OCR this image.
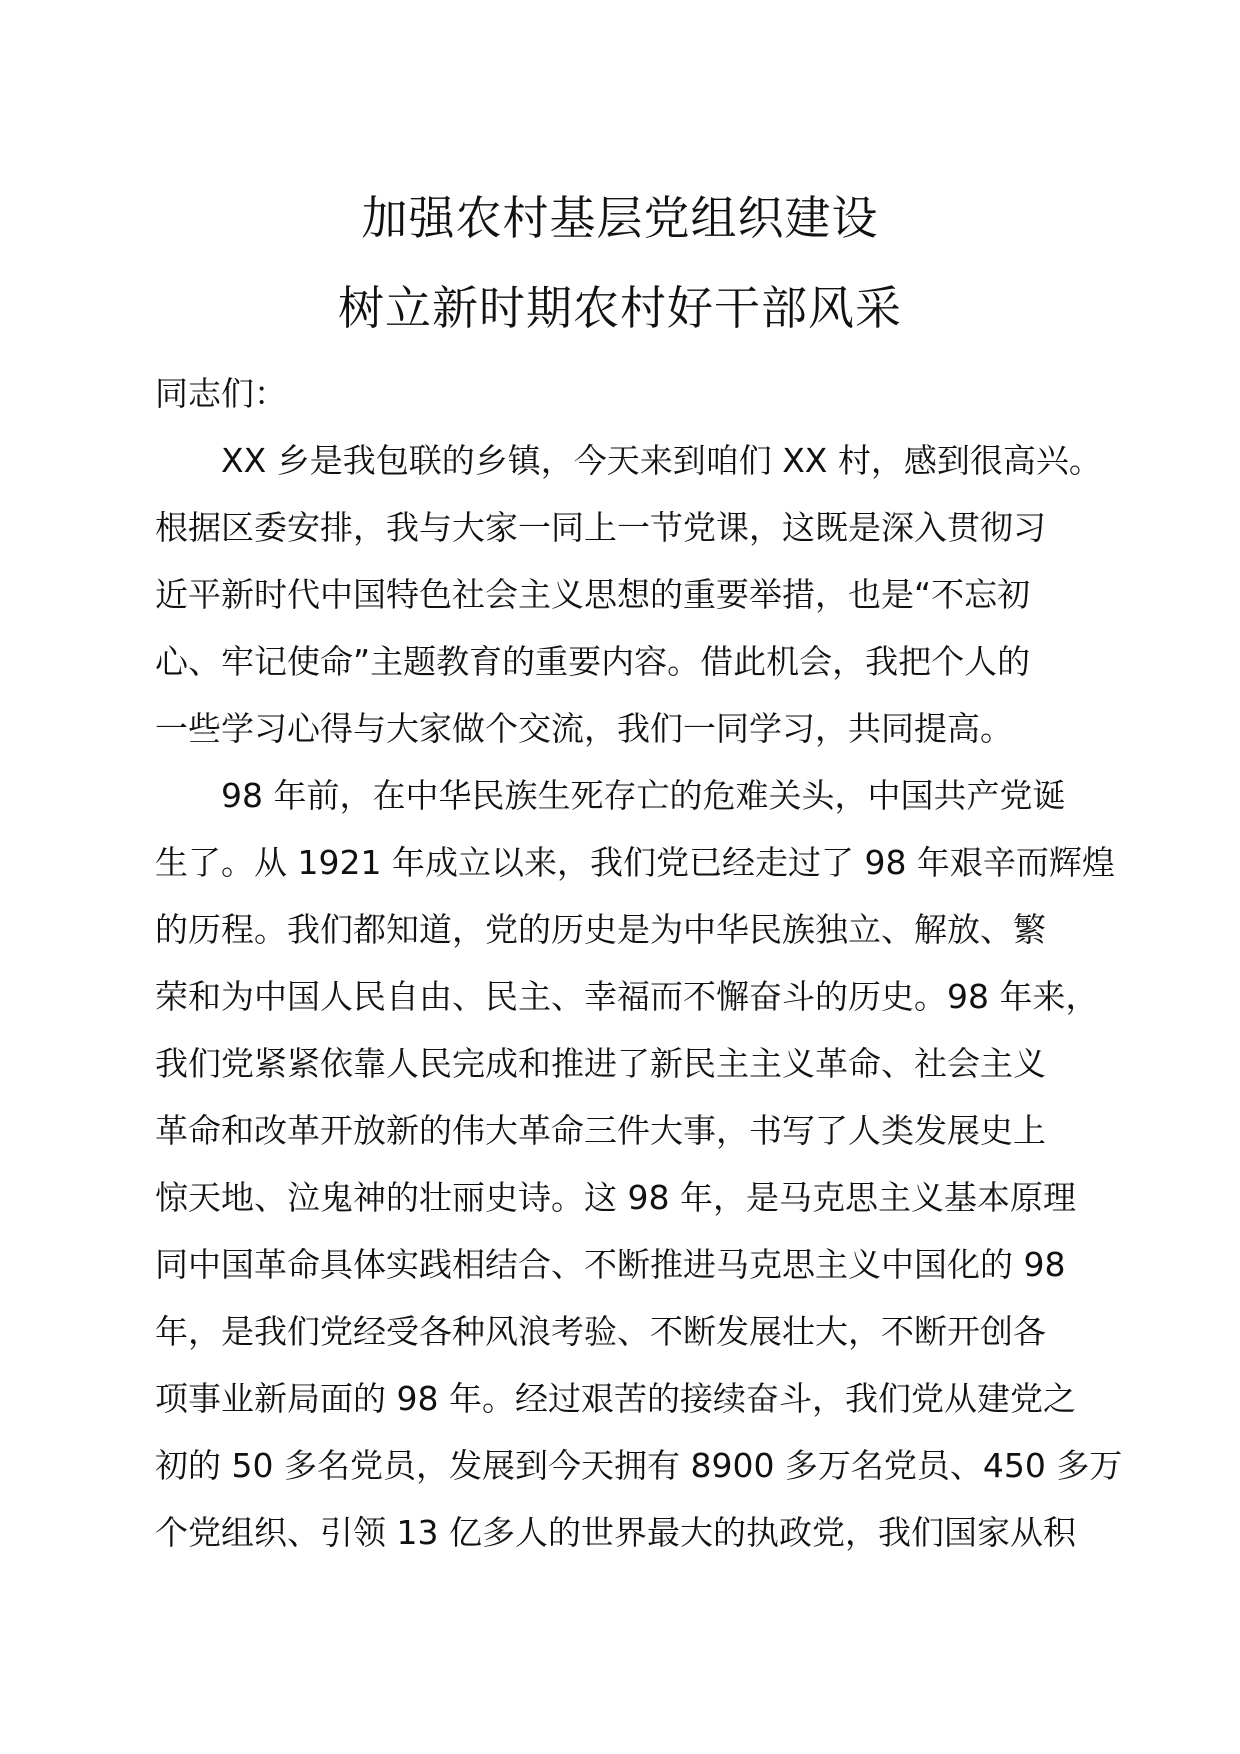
加强农村基层党组织建设
树立新时期农村好干部风采
同志们：
XX 乡是我包联的乡镇，今天来到咱们 XX 村，感到很高兴。
根据区委安排，我与大家一同上一节党课，这既是深入贯彻习
近平新时代中国特色社会主义思想的重要举措，也是“不忘初
心、牢记使命”主题教育的重要内容。借此机会，我把个人的
一些学习心得与大家做个交流，我们一同学习，共同提高。
98 年前，在中华民族生死存亡的危难关头，中国共产党诞
生了。从 1921 年成立以来，我们党已经走过了 98 年艰辛而辉煌
的历程。我们都知道，党的历史是为中华民族独立、解放、繁
荣和为中国人民自由、民主、幸福而不懈奋斗的历史。98 年来，
我们党紧紧依靠人民完成和推进了新民主主义革命、社会主义
革命和改革开放新的伟大革命三件大事，书写了人类发展史上
惊天地、泣鬼神的壮丽史诗。这 98 年，是马克思主义基本原理
同中国革命具体实践相结合、不断推进马克思主义中国化的 98
年，是我们党经受各种风浪考验、不断发展壮大，不断开创各
项事业新局面的 98 年。经过艰苦的接续奋斗，我们党从建党之
初的 50 多名党员，发展到今天拥有 8900 多万名党员、450 多万
个党组织、引领 13 亿多人的世界最大的执政党，我们国家从积
